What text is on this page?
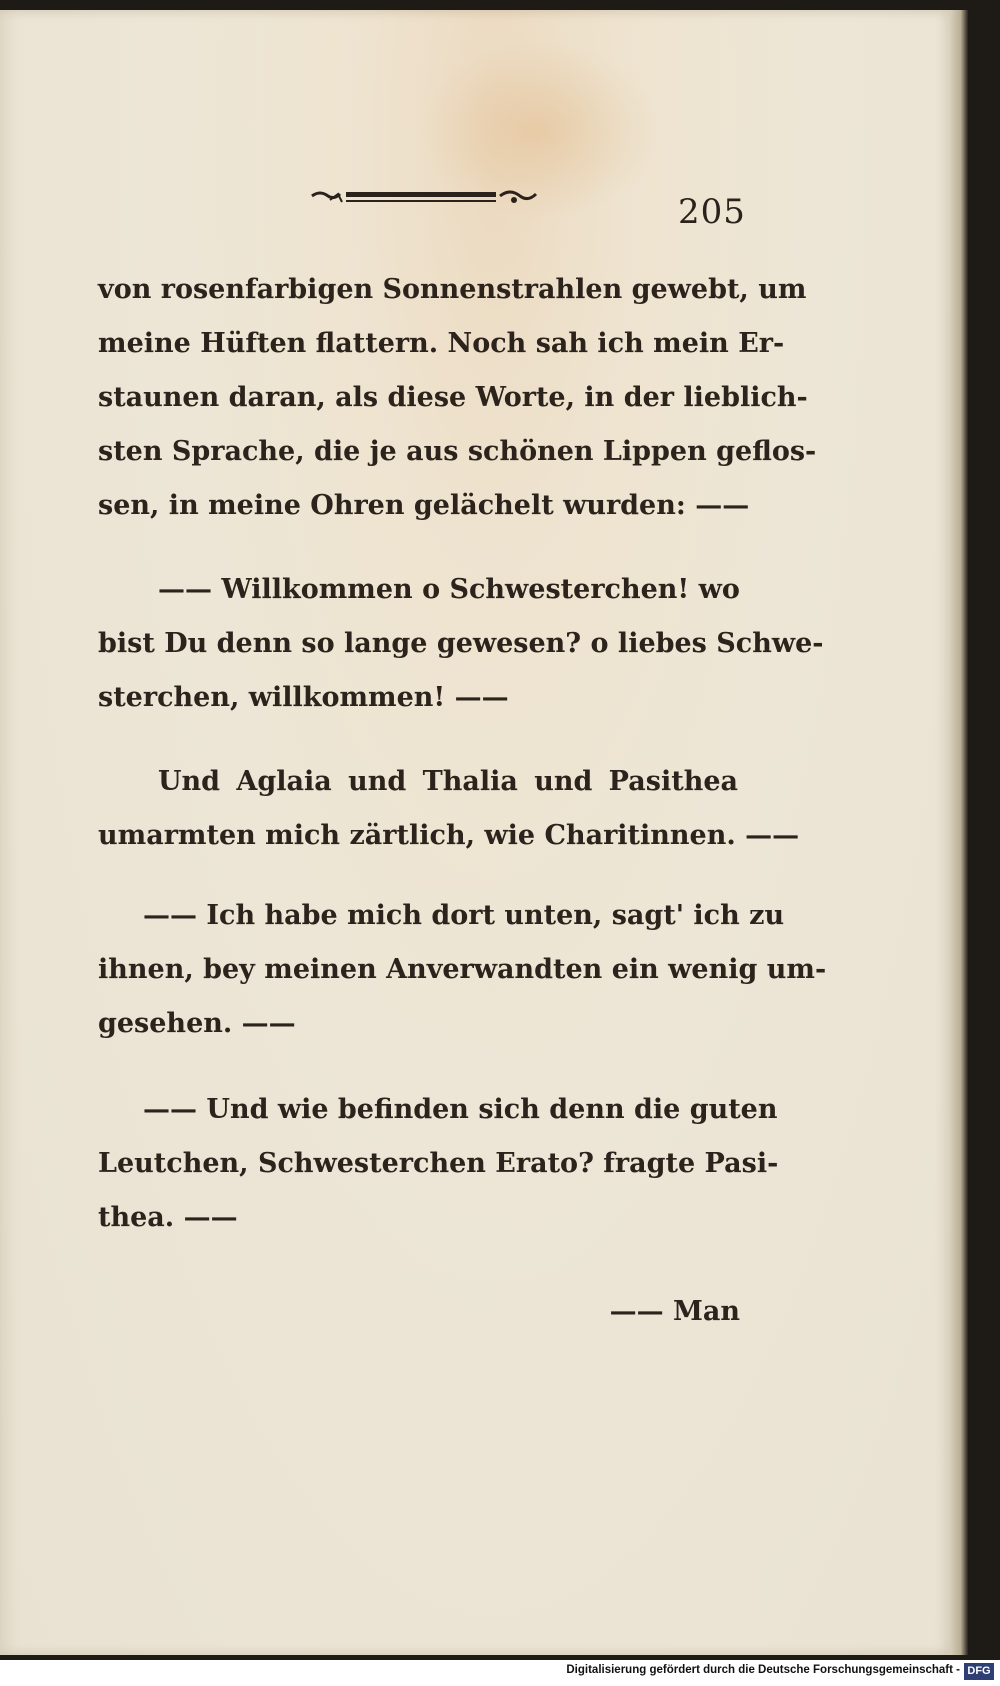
205
von rosenfarbigen Sonnenstrahlen gewebt, um
meine Hüften flattern. Noch sah ich mein Er-
staunen daran, als diese Worte, in der lieblich-
sten Sprache, die je aus schönen Lippen geflos-
sen, in meine Ohren gelächelt wurden: ——
—— Willkommen o Schwesterchen! wo
bist Du denn so lange gewesen? o liebes Schwe-
sterchen, willkommen! ——
Und Aglaia und Thalia und Pasithea
umarmten mich zärtlich, wie Charitinnen. ——
—— Ich habe mich dort unten, sagt' ich zu
ihnen, bey meinen Anverwandten ein wenig um-
gesehen. ——
—— Und wie befinden sich denn die guten
Leutchen, Schwesterchen Erato? fragte Pasi-
thea. ——
—— Man
Digitalisierung gefördert durch die Deutsche Forschungsgemeinschaft - DFG
